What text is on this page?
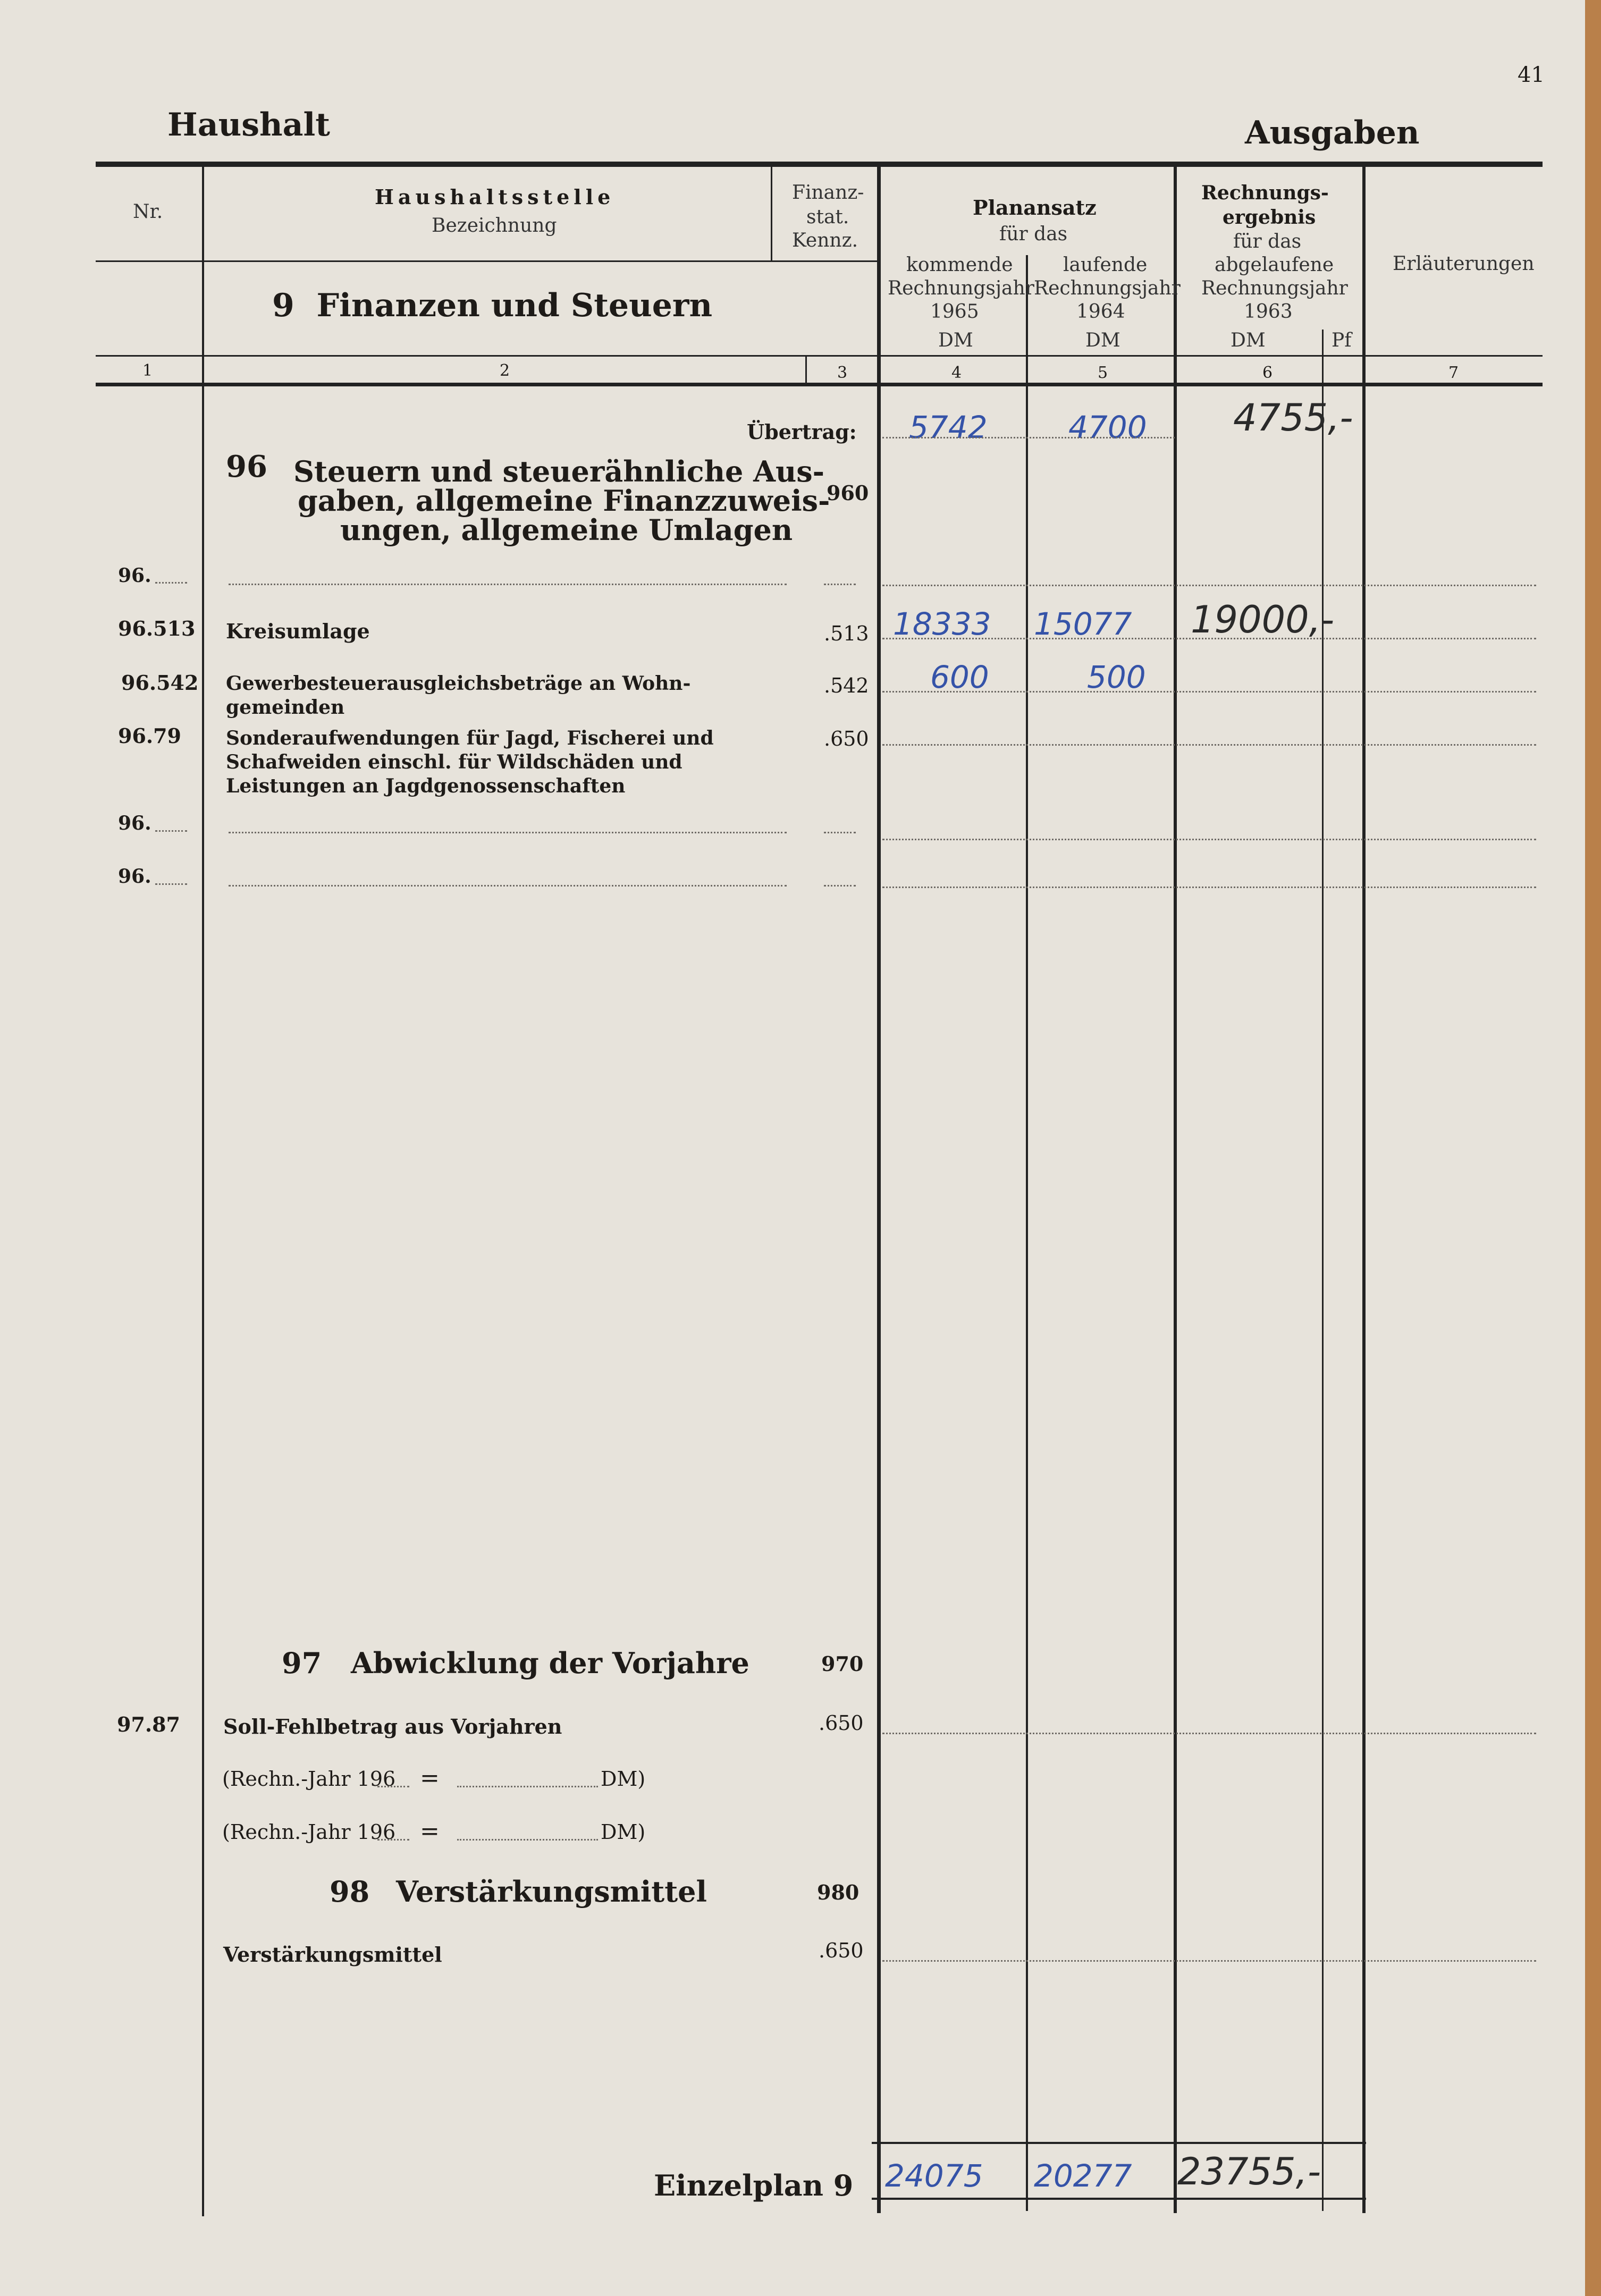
41
Haushalt	Ausgaben
Nr.
Haushaltsstelle
Bezeichnung
Finanz-
stat.
Kennz.
Planansatz
für das
kommende
Rechnungsjahr
1965
DM
laufende
Rechnungsjahr
1964
DM
Rechnungs-
ergebnis
für das
abgelaufene
Rechnungsjahr
1963
DM	Pf
Erläuterungen
9  Finanzen und Steuern
1	2	3	4	5	6	7
Übertrag: 5742	4700 4755,-
96 Steuern und steuerähnliche Aus-
gaben, allgemeine Finanzzuweis-
ungen, allgemeine Umlagen
960
96.
96.513 Kreisumlage	.513 18333 15077 19000,-
96.542 Gewerbesteuerausgleichsbeträge an Wohn-
gemeinden
.542 600	500
96.79 Sonderaufwendungen für Jagd, Fischerei und
Schafweiden einschl. für Wildschäden und
Leistungen an Jagdgenossenschaften
.650
96.
96.
97 Abwicklung der Vorjahre	970
97.87 Soll-Fehlbetrag aus Vorjahren	.650
(Rechn.-Jahr 196 =	DM)
(Rechn.-Jahr 196 =	DM)
98 Verstärkungsmittel	980
Verstärkungsmittel	.650
Einzelplan 9 24075 20277 23755,-
